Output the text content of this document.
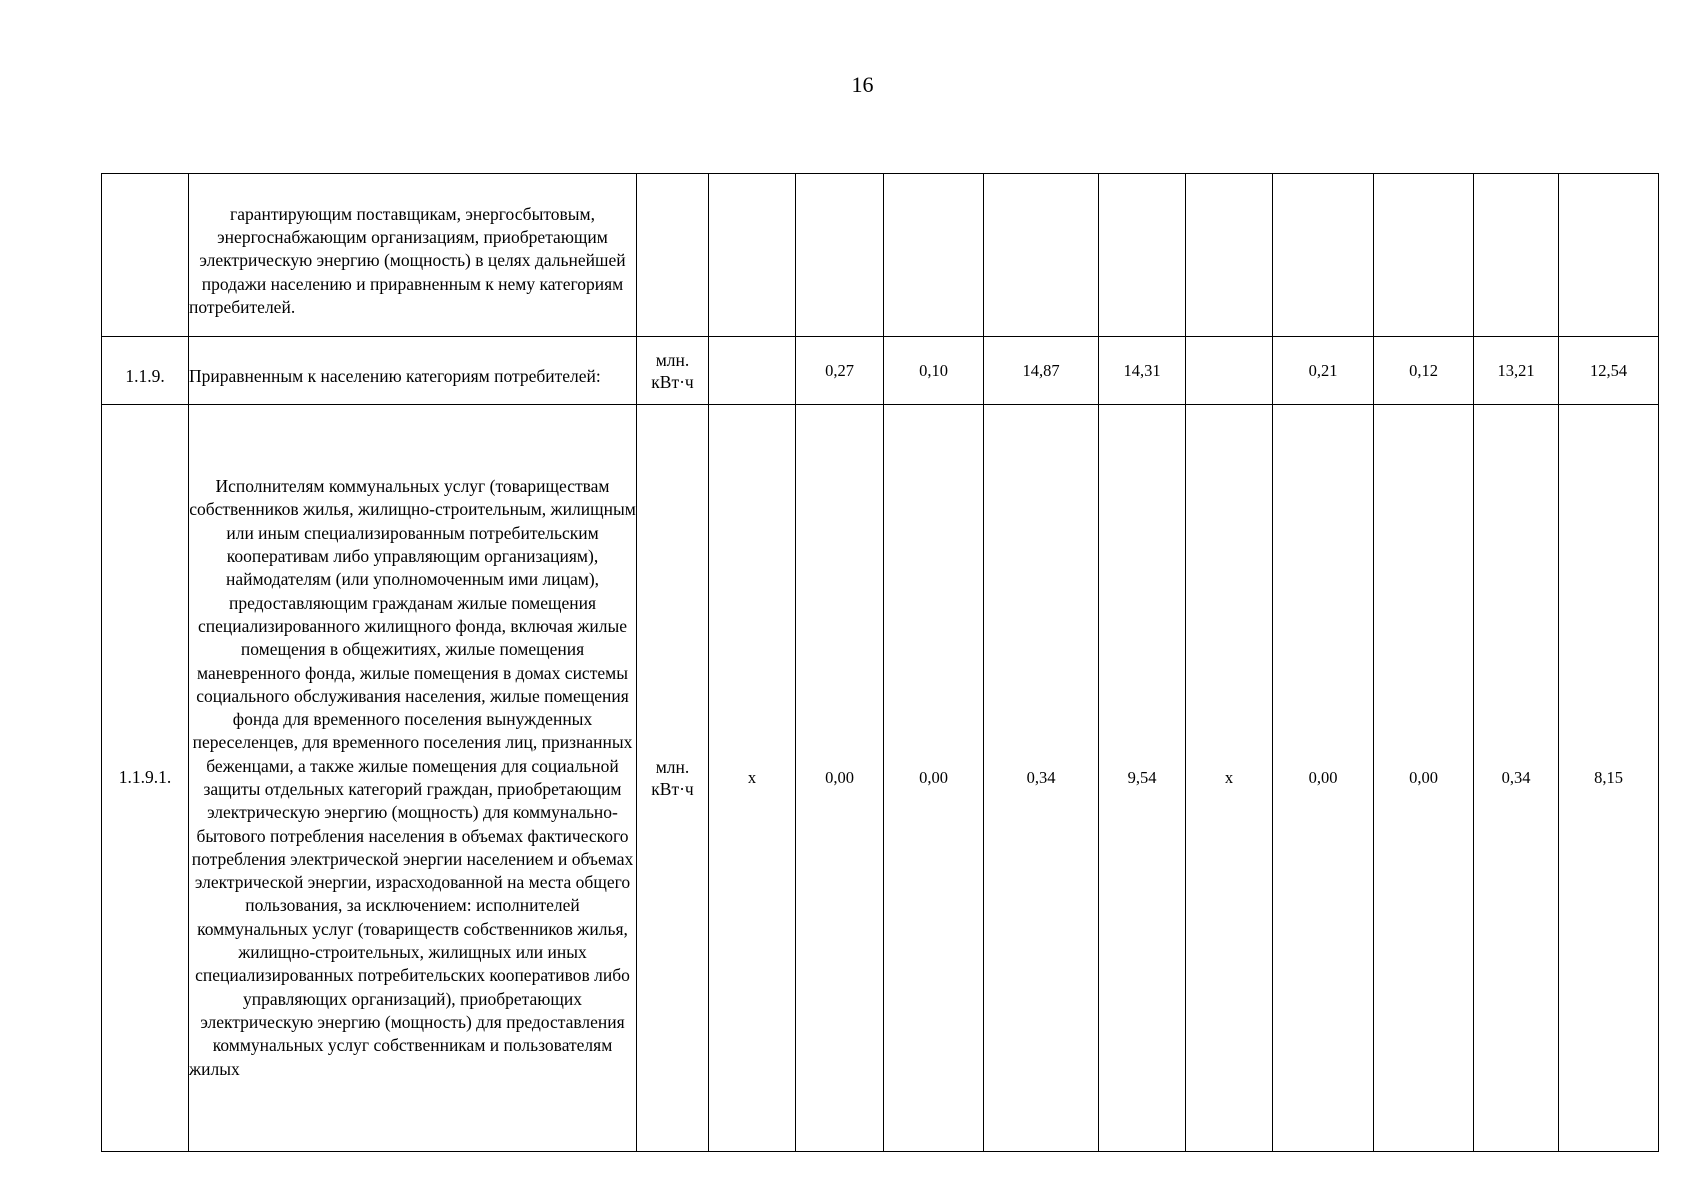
16
	гарантирующим поставщикам, энергосбытовым, энергоснабжающим организациям, приобретающим электрическую энергию (мощность) в целях дальнейшей продажи населению и приравненным к нему категориям потребителей.											
1.1.9.	Приравненным к населению категориям потребителей:	млн. кВт·ч		0,27	0,10	14,87	14,31		0,21	0,12	13,21	12,54
1.1.9.1.	Исполнителям коммунальных услуг (товариществам собственников жилья, жилищно-строительным, жилищным или иным специализированным потребительским кооперативам либо управляющим организациям), наймодателям (или уполномоченным ими лицам), предоставляющим гражданам жилые помещения специализированного жилищного фонда, включая жилые помещения в общежитиях, жилые помещения маневренного фонда, жилые помещения в домах системы социального обслуживания населения, жилые помещения фонда для временного поселения вынужденных переселенцев, для временного поселения лиц, признанных беженцами, а также жилые помещения для социальной защиты отдельных категорий граждан, приобретающим электрическую энергию (мощность) для коммунально-бытового потребления населения в объемах фактического потребления электрической энергии населением и объемах электрической энергии, израсходованной на места общего пользования, за исключением: исполнителей коммунальных услуг (товариществ собственников жилья, жилищно-строительных, жилищных или иных специализированных потребительских кооперативов либо управляющих организаций), приобретающих электрическую энергию (мощность) для предоставления коммунальных услуг собственникам и пользователям жилых	млн. кВт·ч	x	0,00	0,00	0,34	9,54	x	0,00	0,00	0,34	8,15
